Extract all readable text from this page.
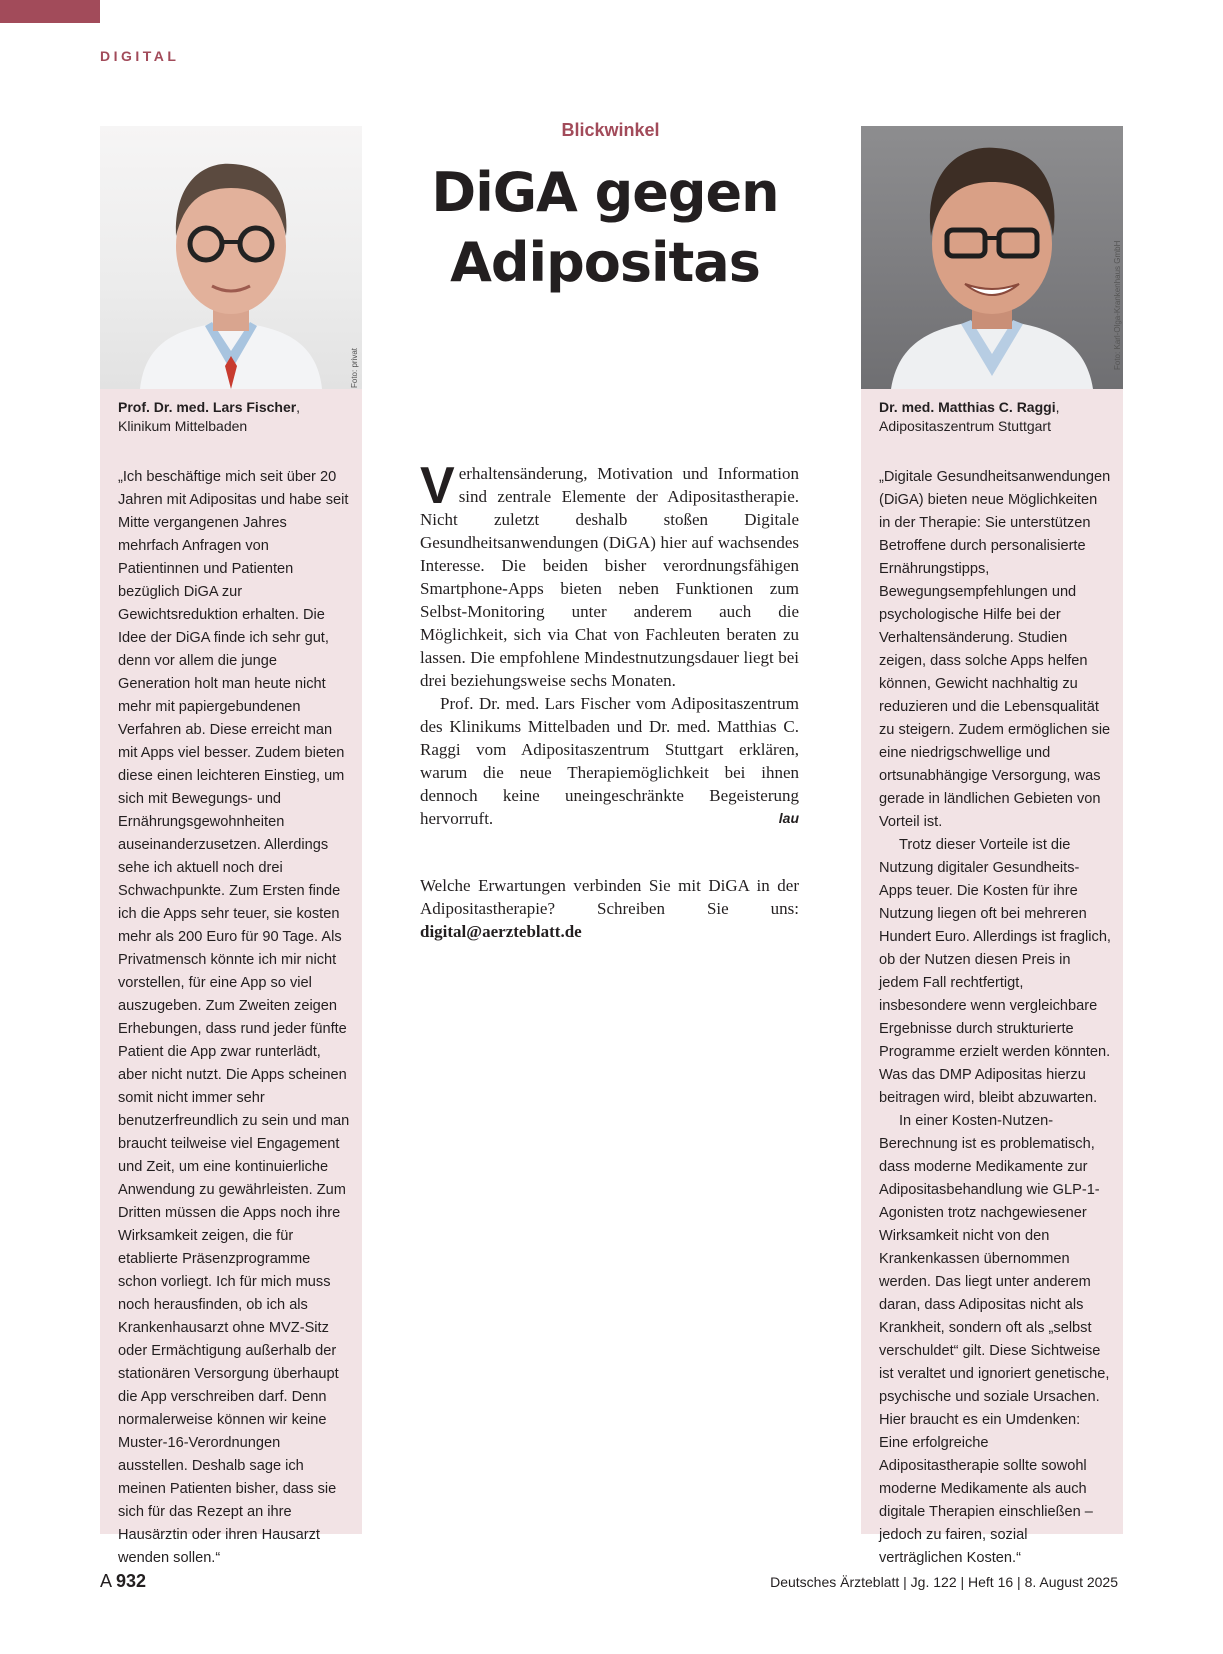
DIGITAL
Foto: privat
Prof. Dr. med. Lars Fischer,
Klinikum Mittelbaden

„Ich beschäftige mich seit über 20 Jahren mit Adipositas und habe seit Mitte vergangenen Jahres mehrfach Anfragen von Patientinnen und Patienten bezüglich DiGA zur Gewichtsreduktion erhalten. Die Idee der DiGA finde ich sehr gut, denn vor allem die junge Generation holt man heute nicht mehr mit papiergebundenen Verfahren ab. Diese erreicht man mit Apps viel besser. Zudem bieten diese einen leichteren Einstieg, um sich mit Bewegungs- und Ernährungsgewohnheiten auseinanderzusetzen. Allerdings sehe ich aktuell noch drei Schwachpunkte. Zum Ersten finde ich die Apps sehr teuer, sie kosten mehr als 200 Euro für 90 Tage. Als Privatmensch könnte ich mir nicht vorstellen, für eine App so viel auszugeben. Zum Zweiten zeigen Erhebungen, dass rund jeder fünfte Patient die App zwar runterlädt, aber nicht nutzt. Die Apps scheinen somit nicht immer sehr benutzerfreundlich zu sein und man braucht teilweise viel Engagement und Zeit, um eine kontinuierliche Anwendung zu gewährleisten. Zum Dritten müssen die Apps noch ihre Wirksamkeit zeigen, die für etablierte Präsenzprogramme schon vorliegt. Ich für mich muss noch herausfinden, ob ich als Krankenhausarzt ohne MVZ-Sitz oder Ermächtigung außerhalb der stationären Versorgung überhaupt die App verschreiben darf. Denn normalerweise können wir keine Muster-16-Verordnungen ausstellen. Deshalb sage ich meinen Patienten bisher, dass sie sich für das Rezept an ihre Hausärztin oder ihren Hausarzt wenden sollen.“

Foto: Karl-Olga-Krankenhaus GmbH
Dr. med. Matthias C. Raggi,
Adipositaszentrum Stuttgart

„Digitale Gesundheitsanwendungen (DiGA) bieten neue Möglichkeiten in der Therapie: Sie unterstützen Betroffene durch personalisierte Ernährungstipps, Bewegungsempfehlungen und psychologische Hilfe bei der Verhaltensänderung. Studien zeigen, dass solche Apps helfen können, Gewicht nachhaltig zu reduzieren und die Lebensqualität zu steigern. Zudem ermöglichen sie eine niedrigschwellige und ortsunabhängige Versorgung, was gerade in ländlichen Gebieten von Vorteil ist.

Trotz dieser Vorteile ist die Nutzung digitaler Gesundheits-Apps teuer. Die Kosten für ihre Nutzung liegen oft bei mehreren Hundert Euro. Allerdings ist fraglich, ob der Nutzen diesen Preis in jedem Fall rechtfertigt, insbesondere wenn vergleichbare Ergebnisse durch strukturierte Programme erzielt werden könnten. Was das DMP Adipositas hierzu beitragen wird, bleibt abzuwarten.

In einer Kosten-Nutzen-Berechnung ist es problematisch, dass moderne Medikamente zur Adipositasbehandlung wie GLP-1-Agonisten trotz nachgewiesener Wirksamkeit nicht von den Krankenkassen übernommen werden. Das liegt unter anderem daran, dass Adipositas nicht als Krankheit, sondern oft als „selbst verschuldet“ gilt. Diese Sichtweise ist veraltet und ignoriert genetische, psychische und soziale Ursachen. Hier braucht es ein Umdenken: Eine erfolgreiche Adipositastherapie sollte sowohl moderne Medikamente als auch digitale Therapien einschließen – jedoch zu fairen, sozial verträglichen Kosten.“

Blickwinkel
DiGA gegen
Adipositas

Verhaltensänderung, Motivation und Information sind zentrale Elemente der Adipositastherapie. Nicht zuletzt deshalb stoßen Digitale Gesundheitsanwendungen (DiGA) hier auf wachsendes Interesse. Die beiden bisher verordnungsfähigen Smartphone-Apps bieten neben Funktionen zum Selbst-Monitoring unter anderem auch die Möglichkeit, sich via Chat von Fachleuten beraten zu lassen. Die empfohlene Mindestnutzungsdauer liegt bei drei beziehungsweise sechs Monaten.

Prof. Dr. med. Lars Fischer vom Adipositaszentrum des Klinikums Mittelbaden und Dr. med. Matthias C. Raggi vom Adipositaszentrum Stuttgart erklären, warum die neue Therapiemöglichkeit bei ihnen dennoch keine uneingeschränkte Begeisterung hervorruft.	lau

Welche Erwartungen verbinden Sie mit DiGA in der Adipositastherapie? Schreiben Sie uns: digital@aerzteblatt.de
A 932	Deutsches Ärzteblatt | Jg. 122 | Heft 16 | 8. August 2025
